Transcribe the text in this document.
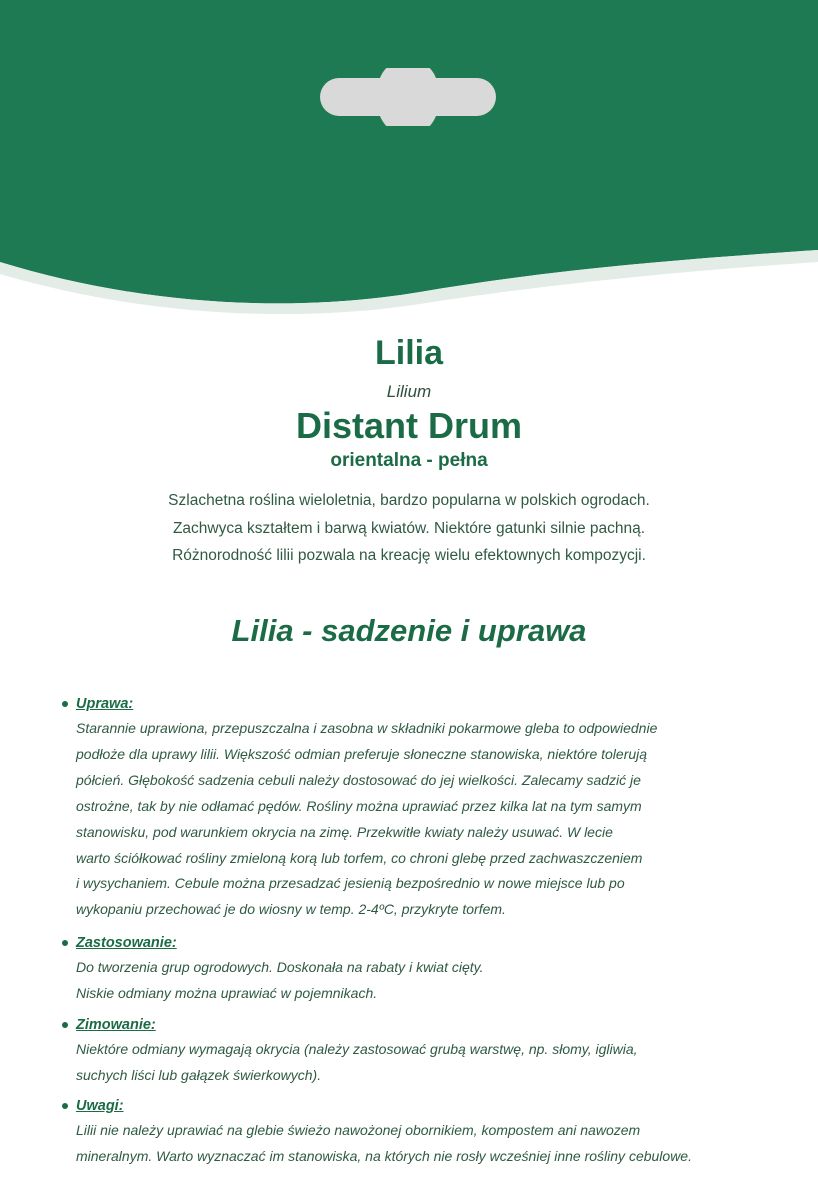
Lilia
Lilium
Distant Drum
orientalna - pełna
Szlachetna roślina wieloletnia, bardzo popularna w polskich ogrodach.
Zachwyca kształtem i barwą kwiatów. Niektóre gatunki silnie pachną.
Różnorodność lilii pozwala na kreację wielu efektownych kompozycji.
Lilia - sadzenie i uprawa
Uprawa:
Starannie uprawiona, przepuszczalna i zasobna w składniki pokarmowe gleba to odpowiednie
podłoże dla uprawy lilii. Większość odmian preferuje słoneczne stanowiska, niektóre tolerują
półcień. Głębokość sadzenia cebuli należy dostosować do jej wielkości. Zalecamy sadzić je
ostrożne, tak by nie odłamać pędów. Rośliny można uprawiać przez kilka lat na tym samym
stanowisku, pod warunkiem okrycia na zimę. Przekwitłe kwiaty należy usuwać. W lecie
warto ściółkować rośliny zmieloną korą lub torfem, co chroni glebę przed zachwaszczeniem
i wysychaniem. Cebule można przesadzać jesienią bezpośrednio w nowe miejsce lub po
wykopaniu przechować je do wiosny w temp. 2-4ºC, przykryte torfem.
Zastosowanie:
Do tworzenia grup ogrodowych. Doskonała na rabaty i kwiat cięty.
Niskie odmiany można uprawiać w pojemnikach.
Zimowanie:
Niektóre odmiany wymagają okrycia (należy zastosować grubą warstwę, np. słomy, igliwia,
suchych liści lub gałązek świerkowych).
Uwagi:
Lilii nie należy uprawiać na glebie świeżo nawożonej obornikiem, kompostem ani nawozem
mineralnym. Warto wyznaczać im stanowiska, na których nie rosły wcześniej inne rośliny cebulowe.
